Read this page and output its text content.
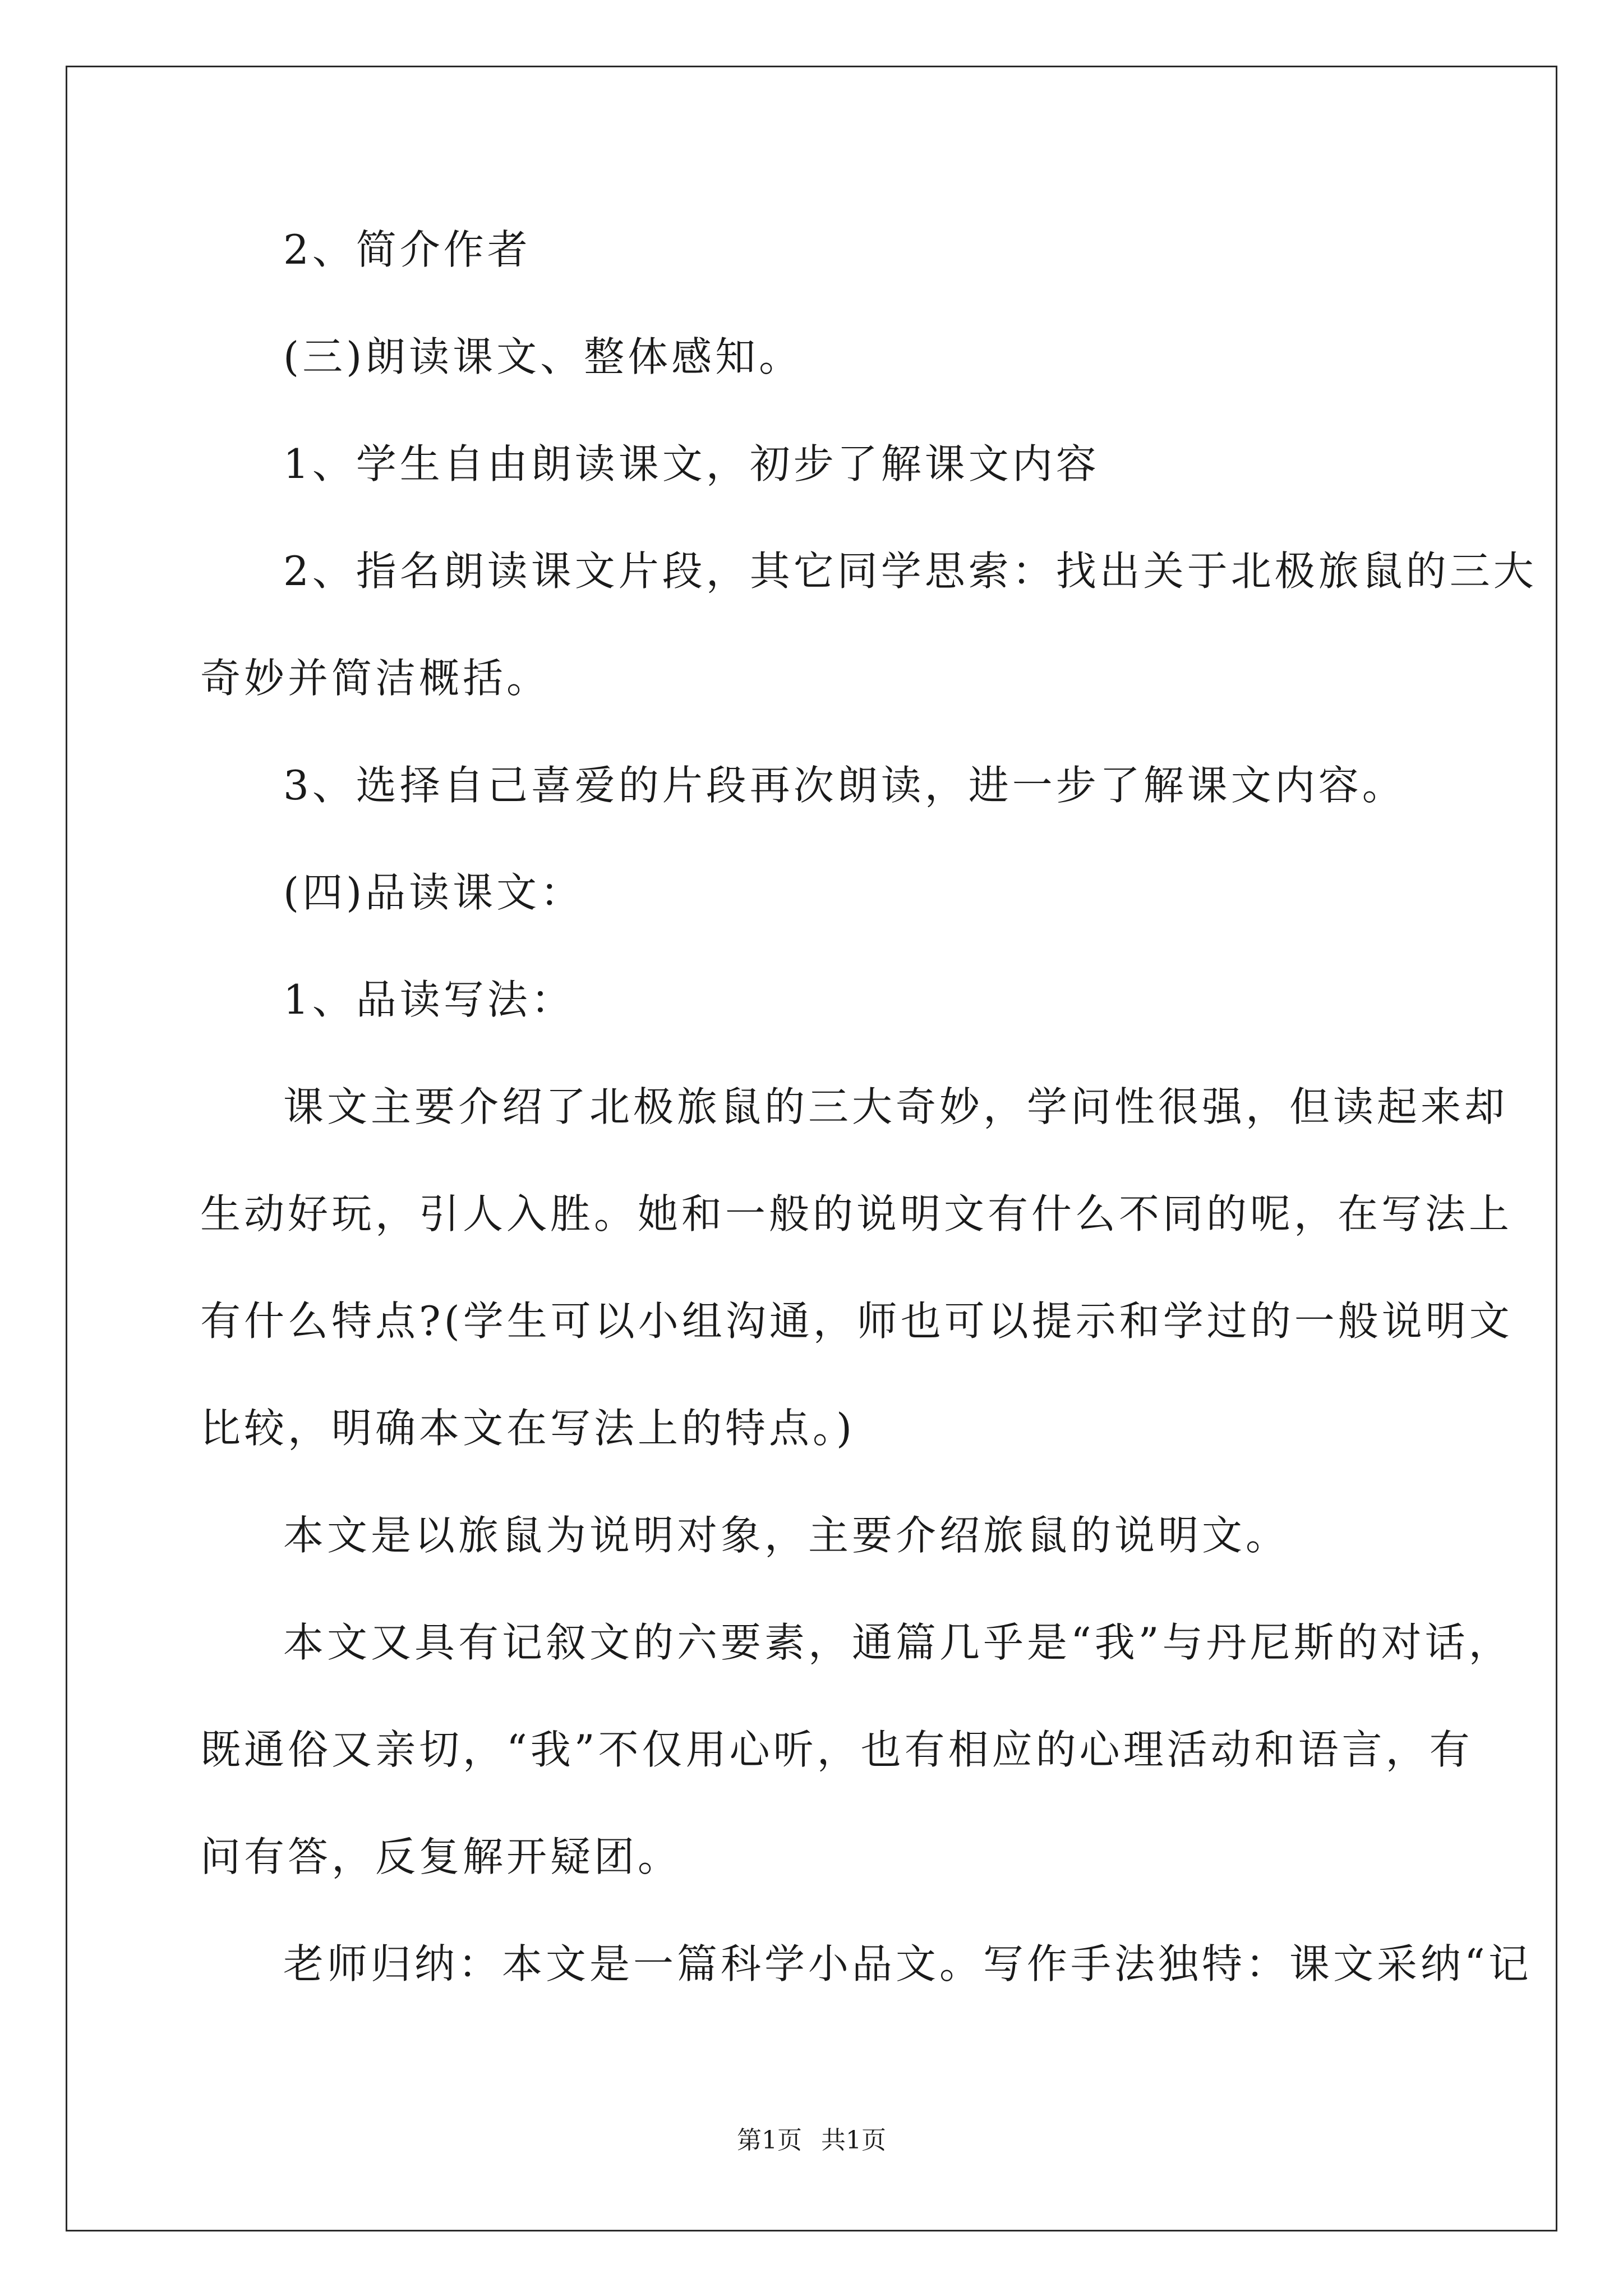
2、简介作者
(三)朗读课文、整体感知。
1、学生自由朗读课文，初步了解课文内容
2、指名朗读课文片段，其它同学思索：找出关于北极旅鼠的三大
奇妙并简洁概括。
3、选择自己喜爱的片段再次朗读，进一步了解课文内容。
(四)品读课文：
1、品读写法：
课文主要介绍了北极旅鼠的三大奇妙，学问性很强，但读起来却
生动好玩，引人入胜。她和一般的说明文有什么不同的呢，在写法上
有什么特点?(学生可以小组沟通，师也可以提示和学过的一般说明文
比较，明确本文在写法上的特点。)
本文是以旅鼠为说明对象，主要介绍旅鼠的说明文。
本文又具有记叙文的六要素，通篇几乎是“我”与丹尼斯的对话，
既通俗又亲切，“我”不仅用心听，也有相应的心理活动和语言，有
问有答，反复解开疑团。
老师归纳：本文是一篇科学小品文。写作手法独特：课文采纳“记
第1页 共1页
